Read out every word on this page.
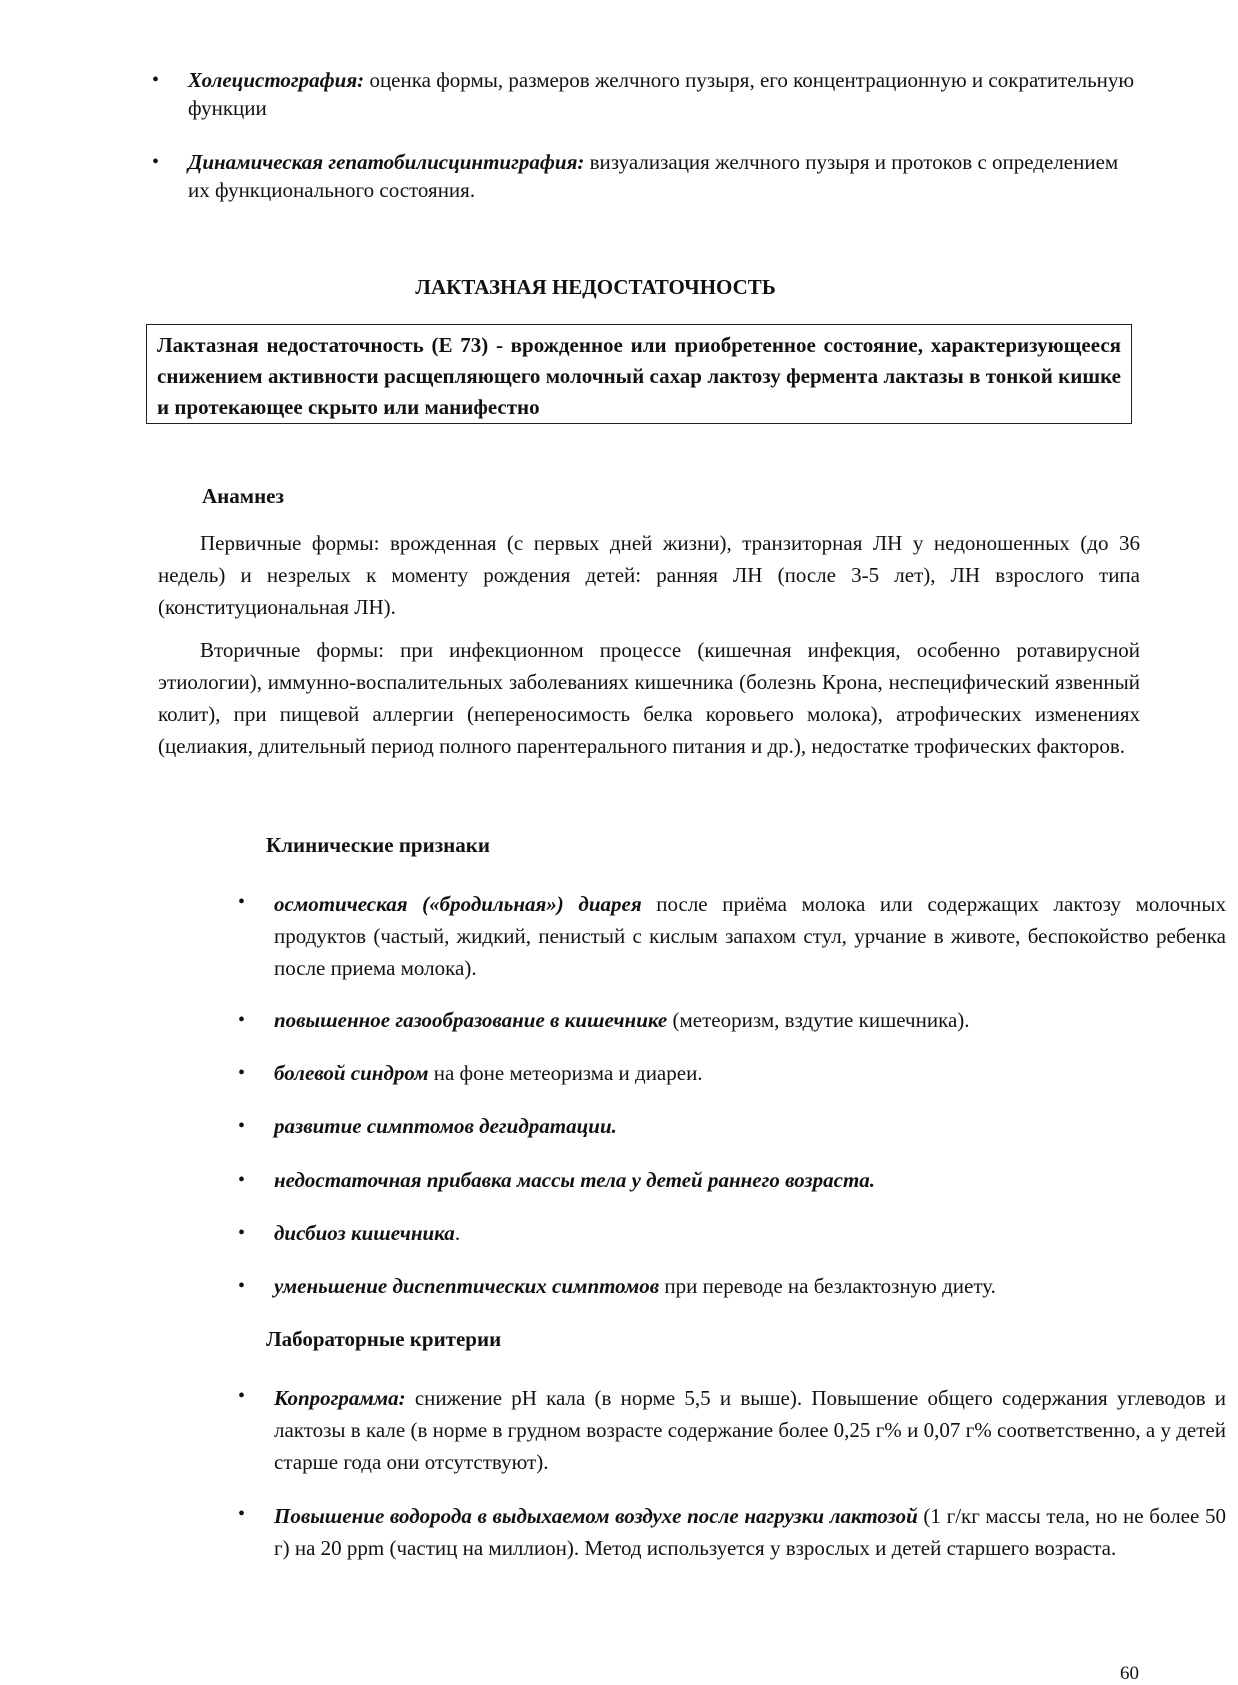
• Холецистография: оценка формы, размеров желчного пузыря, его концентрационную и сократительную функции
• Динамическая гепатобилисцинтиграфия: визуализация желчного пузыря и протоков с определением их функционального состояния.
ЛАКТАЗНАЯ НЕДОСТАТОЧНОСТЬ
Лактазная недостаточность (Е 73) - врожденное или приобретенное состояние, характеризующееся снижением активности расщепляющего молочный сахар лактозу фермента лактазы в тонкой кишке и протекающее скрыто или манифестно
Анамнез

Первичные формы: врожденная (с первых дней жизни), транзиторная ЛН у недоношенных (до 36 недель) и незрелых к моменту рождения детей: ранняя ЛН (после 3-5 лет), ЛН взрослого типа (конституциональная ЛН).

Вторичные формы: при инфекционном процессе (кишечная инфекция, особенно ротавирусной этиологии), иммунно-воспалительных заболеваниях кишечника (болезнь Крона, неспецифический язвенный колит), при пищевой аллергии (непереносимость белка коровьего молока), атрофических изменениях (целиакия, длительный период полного парентерального питания и др.), недостатке трофических факторов.

Клинические признаки
• осмотическая («бродильная») диарея после приёма молока или содержащих лактозу молочных продуктов (частый, жидкий, пенистый с кислым запахом стул, урчание в животе, беспокойство ребенка после приема молока).
• повышенное газообразование в кишечнике (метеоризм, вздутие кишечника).
• болевой синдром на фоне метеоризма и диареи.
• развитие симптомов дегидратации.
• недостаточная прибавка массы тела у детей раннего возраста.
• дисбиоз кишечника.
• уменьшение диспептических симптомов при переводе на безлактозную диету.
Лабораторные критерии
• Копрограмма: снижение pH кала (в норме 5,5 и выше). Повышение общего содержания углеводов и лактозы в кале (в норме в грудном возрасте содержание более 0,25 г% и 0,07 г% соответственно, а у детей старше года они отсутствуют).
• Повышение водорода в выдыхаемом воздухе после нагрузки лактозой (1 г/кг массы тела, но не более 50 г) на 20 ppm (частиц на миллион). Метод используется у взрослых и детей старшего возраста.
60
